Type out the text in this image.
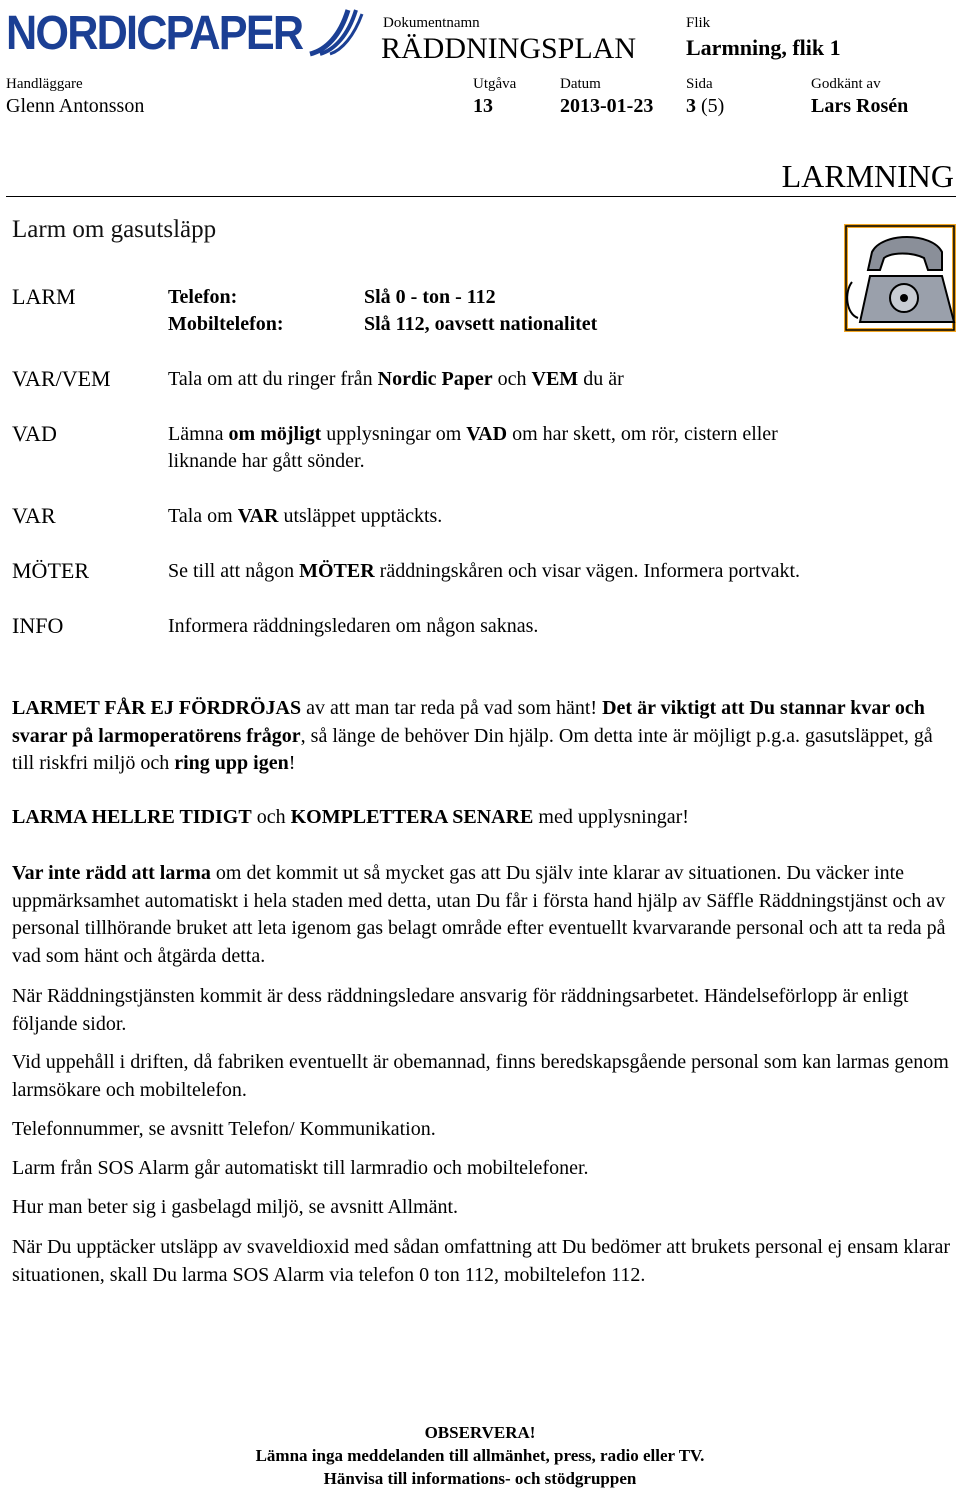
NORDICPAPER	Dokumentnamn
RÄDDNINGSPLAN
Flik
Larmning, flik 1
Handläggare
Glenn Antonsson
Utgåva
13
Datum
2013-01-23
Sida
3 (5)
Godkänt av
Lars Rosén
LARMNING
Larm om gasutsläpp
LARM	Telefon:	Slå 0 - ton - 112
Mobiltelefon:	Slå 112, oavsett nationalitet
VAR/VEM	Tala om att du ringer från Nordic Paper och VEM du är
VAD	Lämna om möjligt upplysningar om VAD om har skett, om rör, cistern eller
liknande har gått sönder.
VAR	Tala om VAR utsläppet upptäckts.
MÖTER	Se till att någon MÖTER räddningskåren och visar vägen. Informera portvakt.
INFO	Informera räddningsledaren om någon saknas.

LARMET FÅR EJ FÖRDRÖJAS av att man tar reda på vad som hänt! Det är viktigt att Du stannar kvar och svarar på larmoperatörens frågor, så länge de behöver Din hjälp. Om detta inte är möjligt p.g.a. gasutsläppet, gå till riskfri miljö och ring upp igen!

LARMA HELLRE TIDIGT och KOMPLETTERA SENARE med upplysningar!

Var inte rädd att larma om det kommit ut så mycket gas att Du själv inte klarar av situationen. Du väcker inte uppmärksamhet automatiskt i hela staden med detta, utan Du får i första hand hjälp av Säffle Räddningstjänst och av personal tillhörande bruket att leta igenom gas belagt område efter eventuellt kvarvarande personal och att ta reda på vad som hänt och åtgärda detta.

När Räddningstjänsten kommit är dess räddningsledare ansvarig för räddningsarbetet. Händelseförlopp är enligt följande sidor.

Vid uppehåll i driften, då fabriken eventuellt är obemannad, finns beredskapsgående personal som kan larmas genom larmsökare och mobiltelefon.

Telefonnummer, se avsnitt Telefon/ Kommunikation.

Larm från SOS Alarm går automatiskt till larmradio och mobiltelefoner.

Hur man beter sig i gasbelagd miljö, se avsnitt Allmänt.

När Du upptäcker utsläpp av svaveldioxid med sådan omfattning att Du bedömer att brukets personal ej ensam klarar situationen, skall Du larma SOS Alarm via telefon 0 ton 112, mobiltelefon 112.

OBSERVERA!
Lämna inga meddelanden till allmänhet, press, radio eller TV.
Hänvisa till informations- och stödgruppen
